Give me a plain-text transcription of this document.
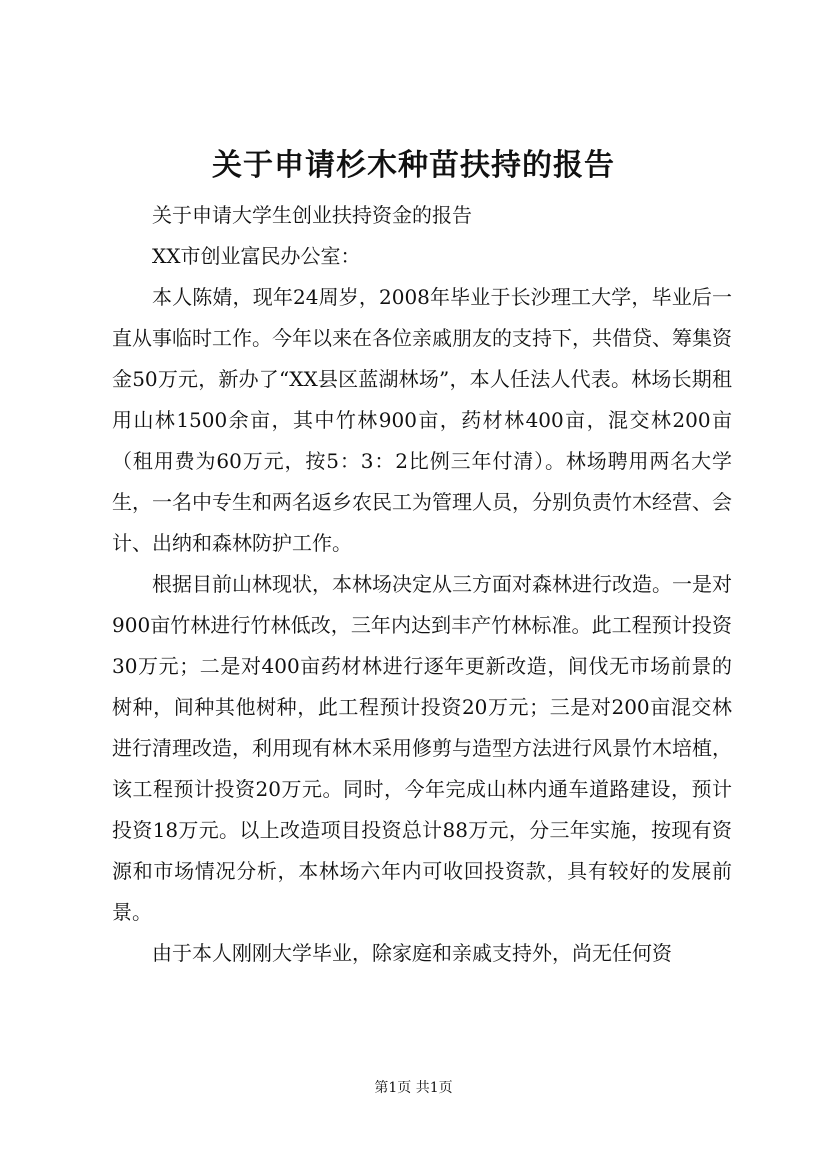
关于申请杉木种苗扶持的报告

关于申请大学生创业扶持资金的报告

XX市创业富民办公室：

本人陈婧，现年24周岁，2008年毕业于长沙理工大学，毕业后一直从事临时工作。今年以来在各位亲戚朋友的支持下，共借贷、筹集资金50万元，新办了“XX县区蓝湖林场”，本人任法人代表。林场长期租用山林1500余亩，其中竹林900亩，药材林400亩，混交林200亩（租用费为60万元，按5：3：2比例三年付清）。林场聘用两名大学生，一名中专生和两名返乡农民工为管理人员，分别负责竹木经营、会计、出纳和森林防护工作。

根据目前山林现状，本林场决定从三方面对森林进行改造。一是对900亩竹林进行竹林低改，三年内达到丰产竹林标准。此工程预计投资30万元；二是对400亩药材林进行逐年更新改造，间伐无市场前景的树种，间种其他树种，此工程预计投资20万元；三是对200亩混交林进行清理改造，利用现有林木采用修剪与造型方法进行风景竹木培植，该工程预计投资20万元。同时，今年完成山林内通车道路建设，预计投资18万元。以上改造项目投资总计88万元，分三年实施，按现有资源和市场情况分析，本林场六年内可收回投资款，具有较好的发展前景。

由于本人刚刚大学毕业，除家庭和亲戚支持外，尚无任何资

第1页 共1页
